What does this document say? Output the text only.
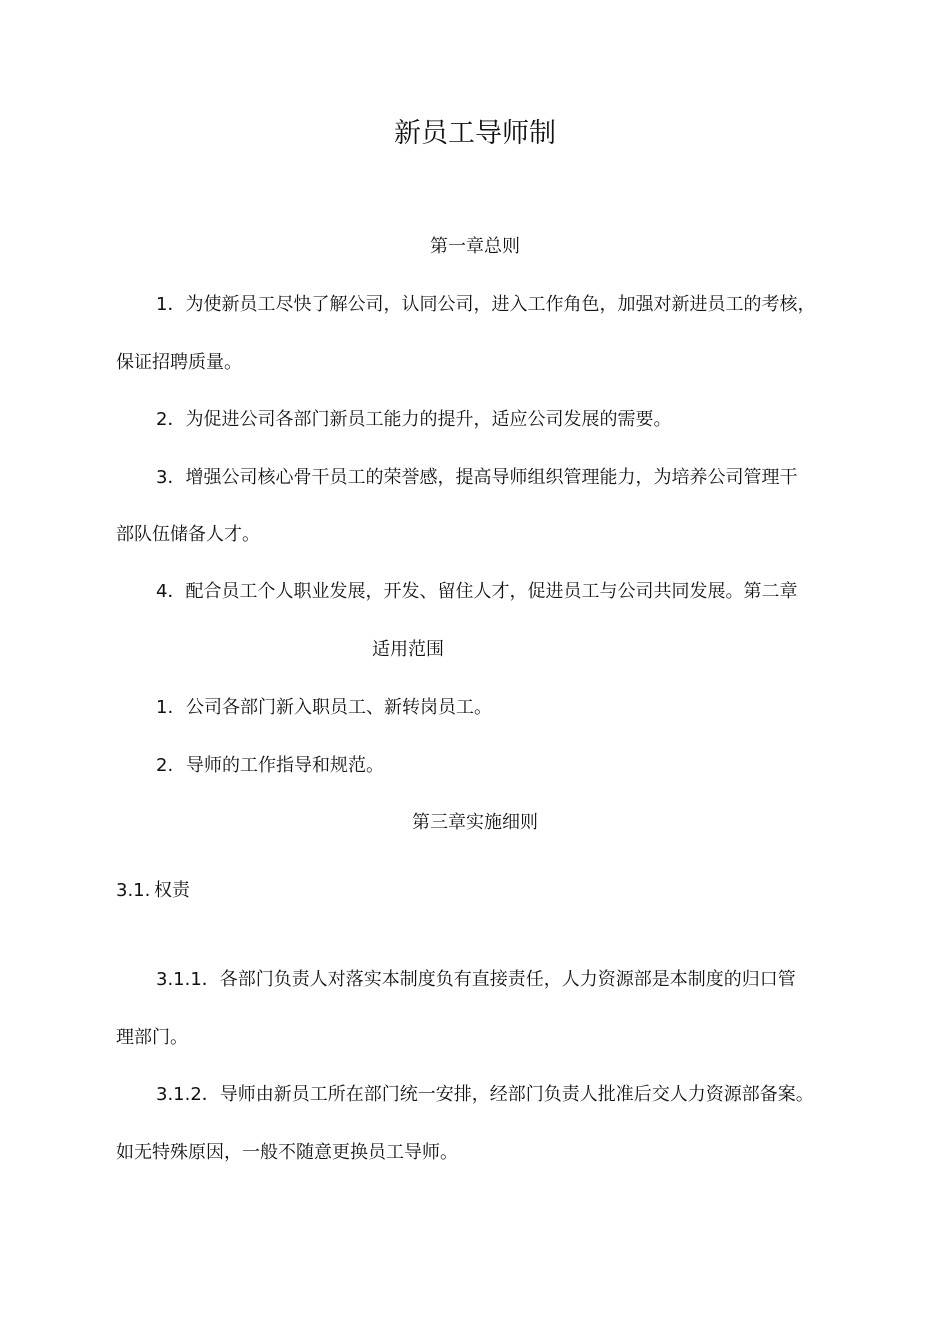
新员工导师制
第一章总则
1．为使新员工尽快了解公司，认同公司，进入工作角色，加强对新进员工的考核，
保证招聘质量。
2．为促进公司各部门新员工能力的提升，适应公司发展的需要。
3．增强公司核心骨干员工的荣誉感，提高导师组织管理能力，为培养公司管理干
部队伍储备人才。
4．配合员工个人职业发展，开发、留住人才，促进员工与公司共同发展。第二章
适用范围
1. 公司各部门新入职员工、新转岗员工。
2. 导师的工作指导和规范。
第三章实施细则
3.1. 权责
3.1.1．各部门负责人对落实本制度负有直接责任，人力资源部是本制度的归口管
理部门。
3.1.2．导师由新员工所在部门统一安排，经部门负责人批准后交人力资源部备案。
如无特殊原因，一般不随意更换员工导师。
